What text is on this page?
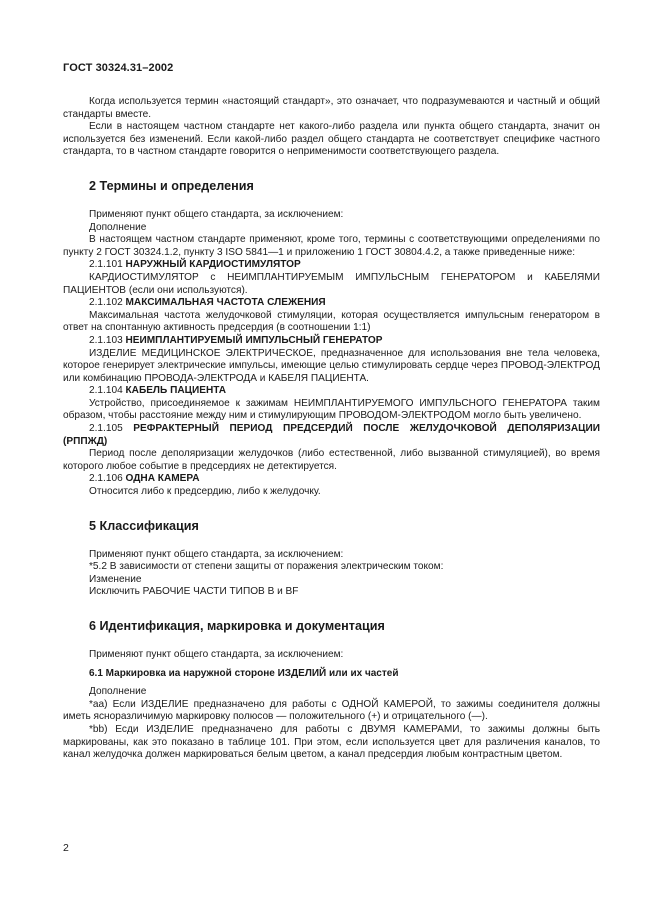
ГОСТ 30324.31–2002

Когда используется термин «настоящий стандарт», это означает, что подразумеваются и частный и общий стандарты вместе.

Если в настоящем частном стандарте нет какого-либо раздела или пункта общего стандарта, значит он используется без изменений. Если какой-либо раздел общего стандарта не соответствует специфике частного стандарта, то в частном стандарте говорится о неприменимости соответствующего раздела.

2 Термины и определения

Применяют пункт общего стандарта, за исключением:

Дополнение

В настоящем частном стандарте применяют, кроме того, термины с соответствующими определениями по пункту 2 ГОСТ 30324.1.2, пункту 3 ISO 5841—1 и приложению 1 ГОСТ 30804.4.2, а также приведенные ниже:

2.1.101 НАРУЖНЫЙ КАРДИОСТИМУЛЯТОР

КАРДИОСТИМУЛЯТОР с НЕИМПЛАНТИРУЕМЫМ ИМПУЛЬСНЫМ ГЕНЕРАТОРОМ и КАБЕЛЯМИ ПАЦИЕНТОВ (если они используются).

2.1.102 МАКСИМАЛЬНАЯ ЧАСТОТА СЛЕЖЕНИЯ

Максимальная частота желудочковой стимуляции, которая осуществляется импульсным генератором в ответ на спонтанную активность предсердия (в соотношении 1:1)

2.1.103 НЕИМПЛАНТИРУЕМЫЙ ИМПУЛЬСНЫЙ ГЕНЕРАТОР

ИЗДЕЛИЕ МЕДИЦИНСКОЕ ЭЛЕКТРИЧЕСКОЕ, предназначенное для использования вне тела человека, которое генерирует электрические импульсы, имеющие целью стимулировать сердце через ПРОВОД-ЭЛЕКТРОД или комбинацию ПРОВОДА-ЭЛЕКТРОДА и КАБЕЛЯ ПАЦИЕНТА.

2.1.104 КАБЕЛЬ ПАЦИЕНТА

Устройство, присоединяемое к зажимам НЕИМПЛАНТИРУЕМОГО ИМПУЛЬСНОГО ГЕНЕРАТОРА таким образом, чтобы расстояние между ним и стимулирующим ПРОВОДОМ-ЭЛЕКТРОДОМ могло быть увеличено.

2.1.105 РЕФРАКТЕРНЫЙ ПЕРИОД ПРЕДСЕРДИЙ ПОСЛЕ ЖЕЛУДОЧКОВОЙ ДЕПОЛЯРИЗАЦИИ (РППЖД)

Период после деполяризации желудочков (либо естественной, либо вызванной стимуляцией), во время которого любое событие в предсердиях не детектируется.

2.1.106 ОДНА КАМЕРА

Относится либо к предсердию, либо к желудочку.

5 Классификация

Применяют пункт общего стандарта, за исключением:

*5.2 В зависимости от степени защиты от поражения электрическим током:

Изменение

Исключить РАБОЧИЕ ЧАСТИ ТИПОВ В и BF

6 Идентификация, маркировка и документация

Применяют пункт общего стандарта, за исключением:

6.1 Маркировка иа наружной стороне ИЗДЕЛИЙ или их частей

Дополнение

*аа) Если ИЗДЕЛИЕ предназначено для работы с ОДНОЙ КАМЕРОЙ, то зажимы соединителя должны иметь ясноразличимую маркировку полюсов — положительного (+) и отрицательного (—).

*bb) Есди ИЗДЕЛИЕ предназначено для работы с ДВУМЯ КАМЕРАМИ, то зажимы должны быть маркированы, как это показано в таблице 101. При этом, если используется цвет для различения каналов, то канал желудочка должен маркироваться белым цветом, а канал предсердия любым контрастным цветом.

2
